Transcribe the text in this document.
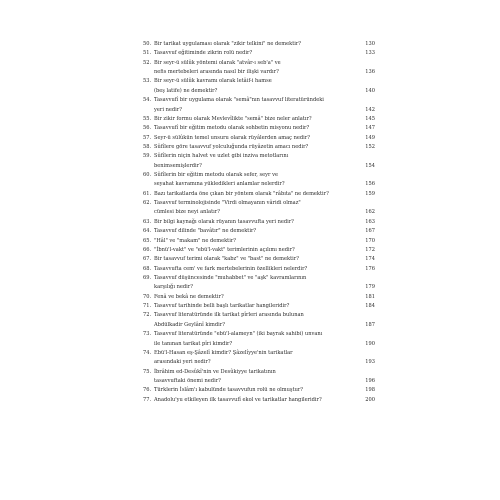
50. Bir tarikat uygulaması olarak "zikir telkini" ne demektir?	130
51. Tasavvuf eğitiminde zikrin rolü nedir?	133
52. Bir seyr-ü sülûk yöntemi olarak "atvâr-ı seb'a" ve
nefis mertebeleri arasında nasıl bir ilişki vardır?	136
53. Bir seyr-ü sülûk kavramı olarak letâif-i hamse
(beş latife) ne demektir?	140
54. Tasavvufî bir uygulama olarak "semâ"nın tasavvuf literatüründeki
yeri nedir?	142
55. Bir zikir formu olarak Mevlevîlikte "semâ" bize neler anlatır?	145
56. Tasavvufî bir eğitim metodu olarak sohbetin misyonu nedir?	147
57. Seyr-ü sülûkün temel unsuru olarak rüyâlerden amaç nedir?	149
58. Sûfîlere göre tasavvuf yolculuğunda rüyâzetin amacı nedir?	152
59. Sûfîlerin niçin halvet ve uzlet gibi inziva metotlarını
benimsemişlerdir?	154
60. Sûfîlerin bir eğitim metodu olarak sefer, seyr ve
seyahat kavramına yükledikleri anlamlar nelerdir?	156
61. Bazı tarikatlarda öne çıkan bir yöntem olarak "râbıta" ne demektir?	159
62. Tasavvuf terminolojisinde "Virdi olmayanın vâridi olmaz"
cümlesi bize neyi anlatır?	162
63. Bir bilgi kaynağı olarak rüyanın tasavvufta yeri nedir?	163
64. Tasavvuf dilinde "bavâtır" ne demektir?	167
65. "Hâl" ve "makam" ne demektir?	170
66. "İbnü'l-vakt" ve "ebü'l-vakt" terimlerinin açılımı nedir?	172
67. Bir tasavvuf terimi olarak "kabz" ve "bast" ne demektir?	174
68. Tasavvufta cem' ve fark mertebelerinin özellikleri nelerdir?	176
69. Tasavvuf düşüncesinde "muhabbet" ve "aşk" kavramlarının
karşılığı nedir?	179
70. Fenâ ve bekâ ne demektir?	181
71. Tasavvuf tarihinde belli başlı tarikatlar hangileridir?	184
72. Tasavvuf literatüründe ilk tarikat pîrleri arasında bulunan
Abdülkadir Geylânî kimdir?	187
73. Tasavvuf literatüründe "ebü'l-alameyn" (iki bayrak sahibi) unvanı
ile tanınan tarikat pîri kimdir?	190
74. Ebü'l-Hasan eş-Şâzelî kimdir? Şâzelîyye'nin tarikatlar
arasındaki yeri nedir?	193
75. İbrâhim ed-Desûkî'nin ve Desûkiyye tarikatının
tasavvuftaki önemi nedir?	196
76. Türklerin İslâm'ı kabulünde tasavvufun rolü ne olmuştur?	198
77. Anadolu'yu etkileyen ilk tasavvufî ekol ve tarikatlar hangileridir?	200
